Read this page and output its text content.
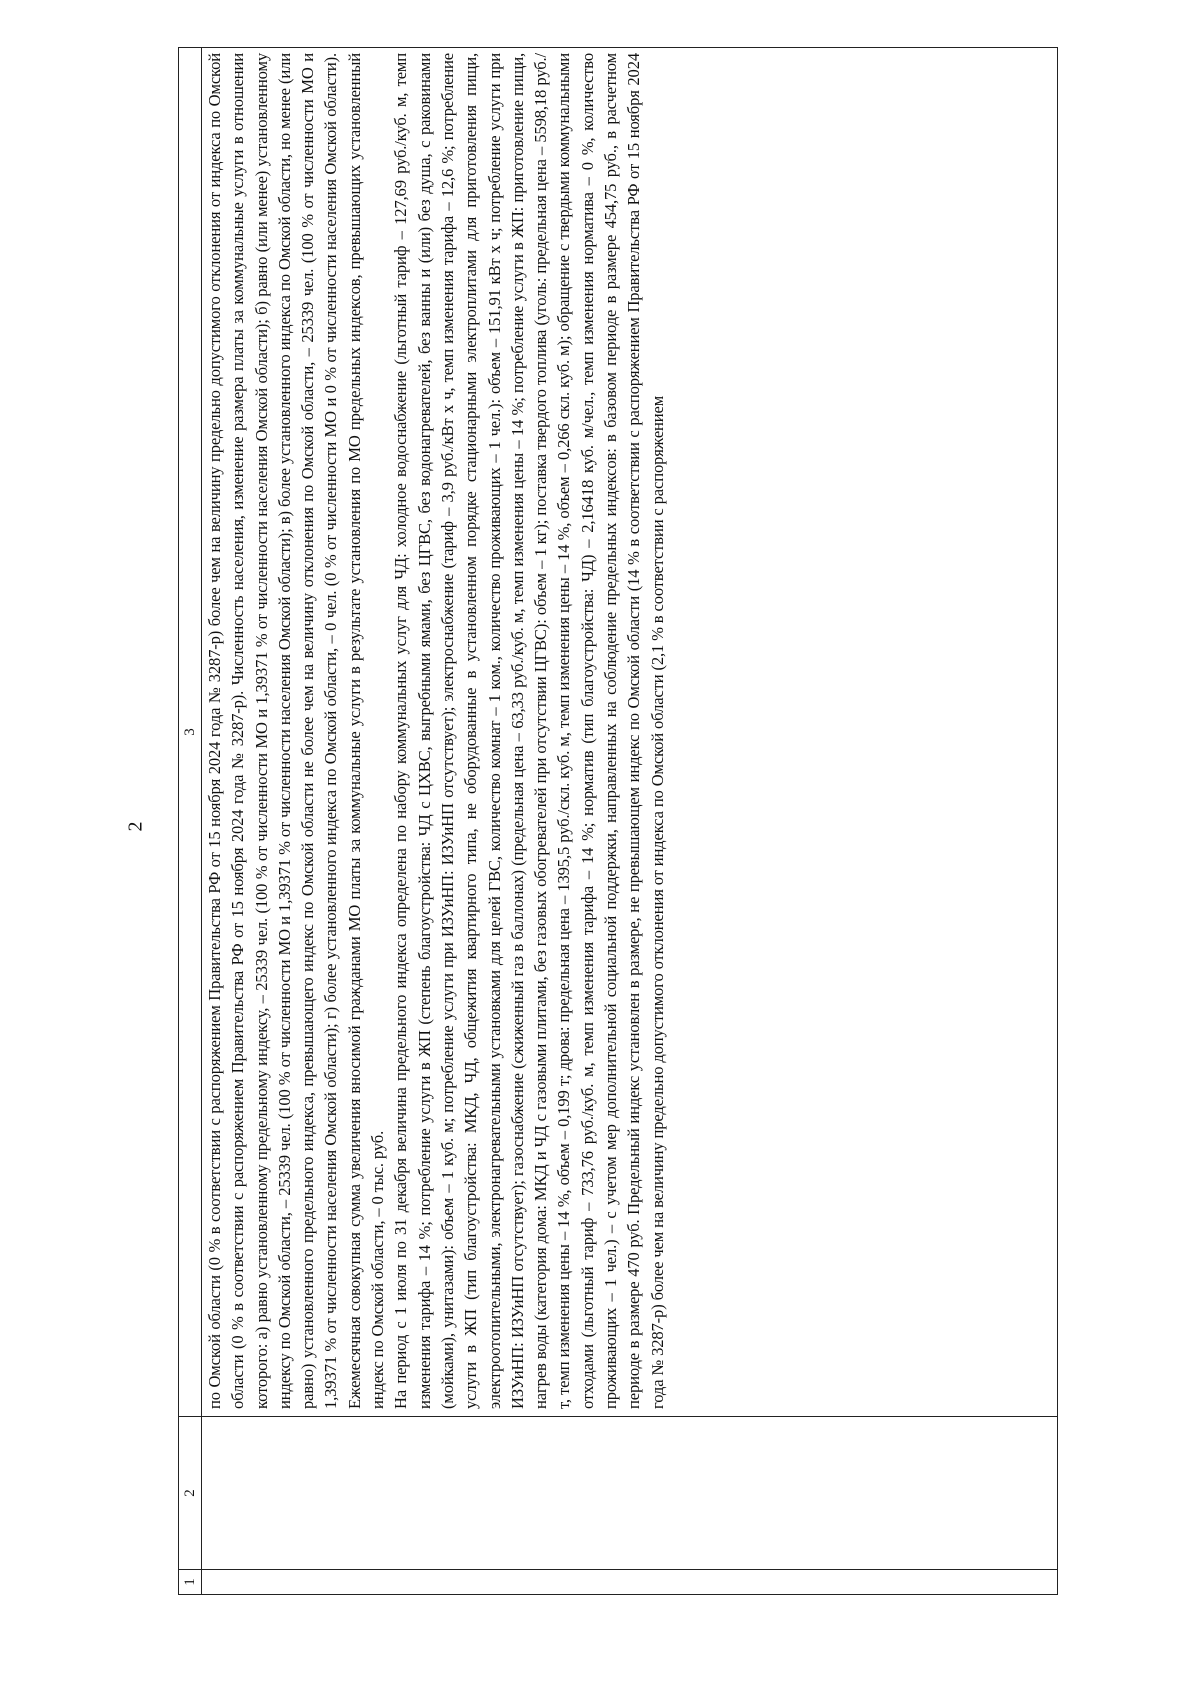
2
1	2	3

		по Омской области (0 % в соответствии с распоряжением Правительства РФ от 15 ноября 2024 года № 3287-р) более чем на величину предельно допустимого отклонения от индекса по Омской области (0 % в соответствии с распоряжением Правительства РФ от 15 ноября 2024 года № 3287-р). Численность населения, изменение размера платы за коммунальные услуги в отношении которого: а) равно установленному предельному индексу, – 25339 чел. (100 % от численности МО и 1,39371 % от численности населения Омской области); б) равно (или менее) установленному индексу по Омской области, – 25339 чел. (100 % от численности МО и 1,39371 % от численности населения Омской области); в) более установленного индекса по Омской области, но менее (или равно) установленного предельного индекса, превышающего индекс по Омской области не более чем на величину отклонения по Омской области, – 25339 чел. (100 % от численности МО и 1,39371 % от численности населения Омской области); г) более установленного индекса по Омской области, – 0 чел. (0 % от численности МО и 0 % от численности населения Омской области). Ежемесячная совокупная сумма увеличения вносимой гражданами МО платы за коммунальные услуги в результате установления по МО предельных индексов, превышающих установленный индекс по Омской области, – 0 тыс. руб. На период с 1 июля по 31 декабря величина предельного индекса определена по набору коммунальных услуг для ЧД: холодное водоснабжение (льготный тариф – 127,69 руб./куб. м, темп изменения тарифа – 14 %; потребление услуги в ЖП (степень благоустройства: ЧД с ЦХВС, выгребными ямами, без ЦГВС, без водонагревателей, без ванны и (или) без душа, с раковинами (мойками), унитазами): объем – 1 куб. м; потребление услуги при ИЗУиНП: ИЗУиНП отсутствует); электроснабжение (тариф – 3,9 руб./кВт х ч, темп изменения тарифа – 12,6 %; потребление услуги в ЖП (тип благоустройства: МКД, ЧД, общежития квартирного типа, не оборудованные в установленном порядке стационарными электроплитами для приготовления пищи, электроотопительными, электронагревательными установками для целей ГВС, количество комнат – 1 ком., количество проживающих – 1 чел.): объем – 151,91 кВт х ч; потребление услуги при ИЗУиНП: ИЗУиНП отсутствует); газоснабжение (сжиженный газ в баллонах) (предельная цена – 63,33 руб./куб. м, темп изменения цены – 14 %; потребление услуги в ЖП: приготовление пищи, нагрев воды (категория дома: МКД и ЧД с газовыми плитами, без газовых обогревателей при отсутствии ЦГВС): объем – 1 кг); поставка твердого топлива (уголь: предельная цена – 5598,18 руб./т, темп изменения цены – 14 %, объем – 0,199 т; дрова: предельная цена – 1395,5 руб./скл. куб. м, темп изменения цены – 14 %, объем – 0,266 скл. куб. м); обращение с твердыми коммунальными отходами (льготный тариф – 733,76 руб./куб. м, темп изменения тарифа – 14 %; норматив (тип благоустройства: ЧД) – 2,16418 куб. м/чел., темп изменения норматива – 0 %, количество проживающих – 1 чел.) – с учетом мер дополнительной социальной поддержки, направленных на соблюдение предельных индексов: в базовом периоде в размере 454,75 руб., в расчетном периоде в размере 470 руб. Предельный индекс установлен в размере, не превышающем индекс по Омской области (14 % в соответствии с распоряжением Правительства РФ от 15 ноября 2024 года № 3287-р) более чем на величину предельно допустимого отклонения от индекса по Омской области (2,1 % в соответствии с распоряжением
